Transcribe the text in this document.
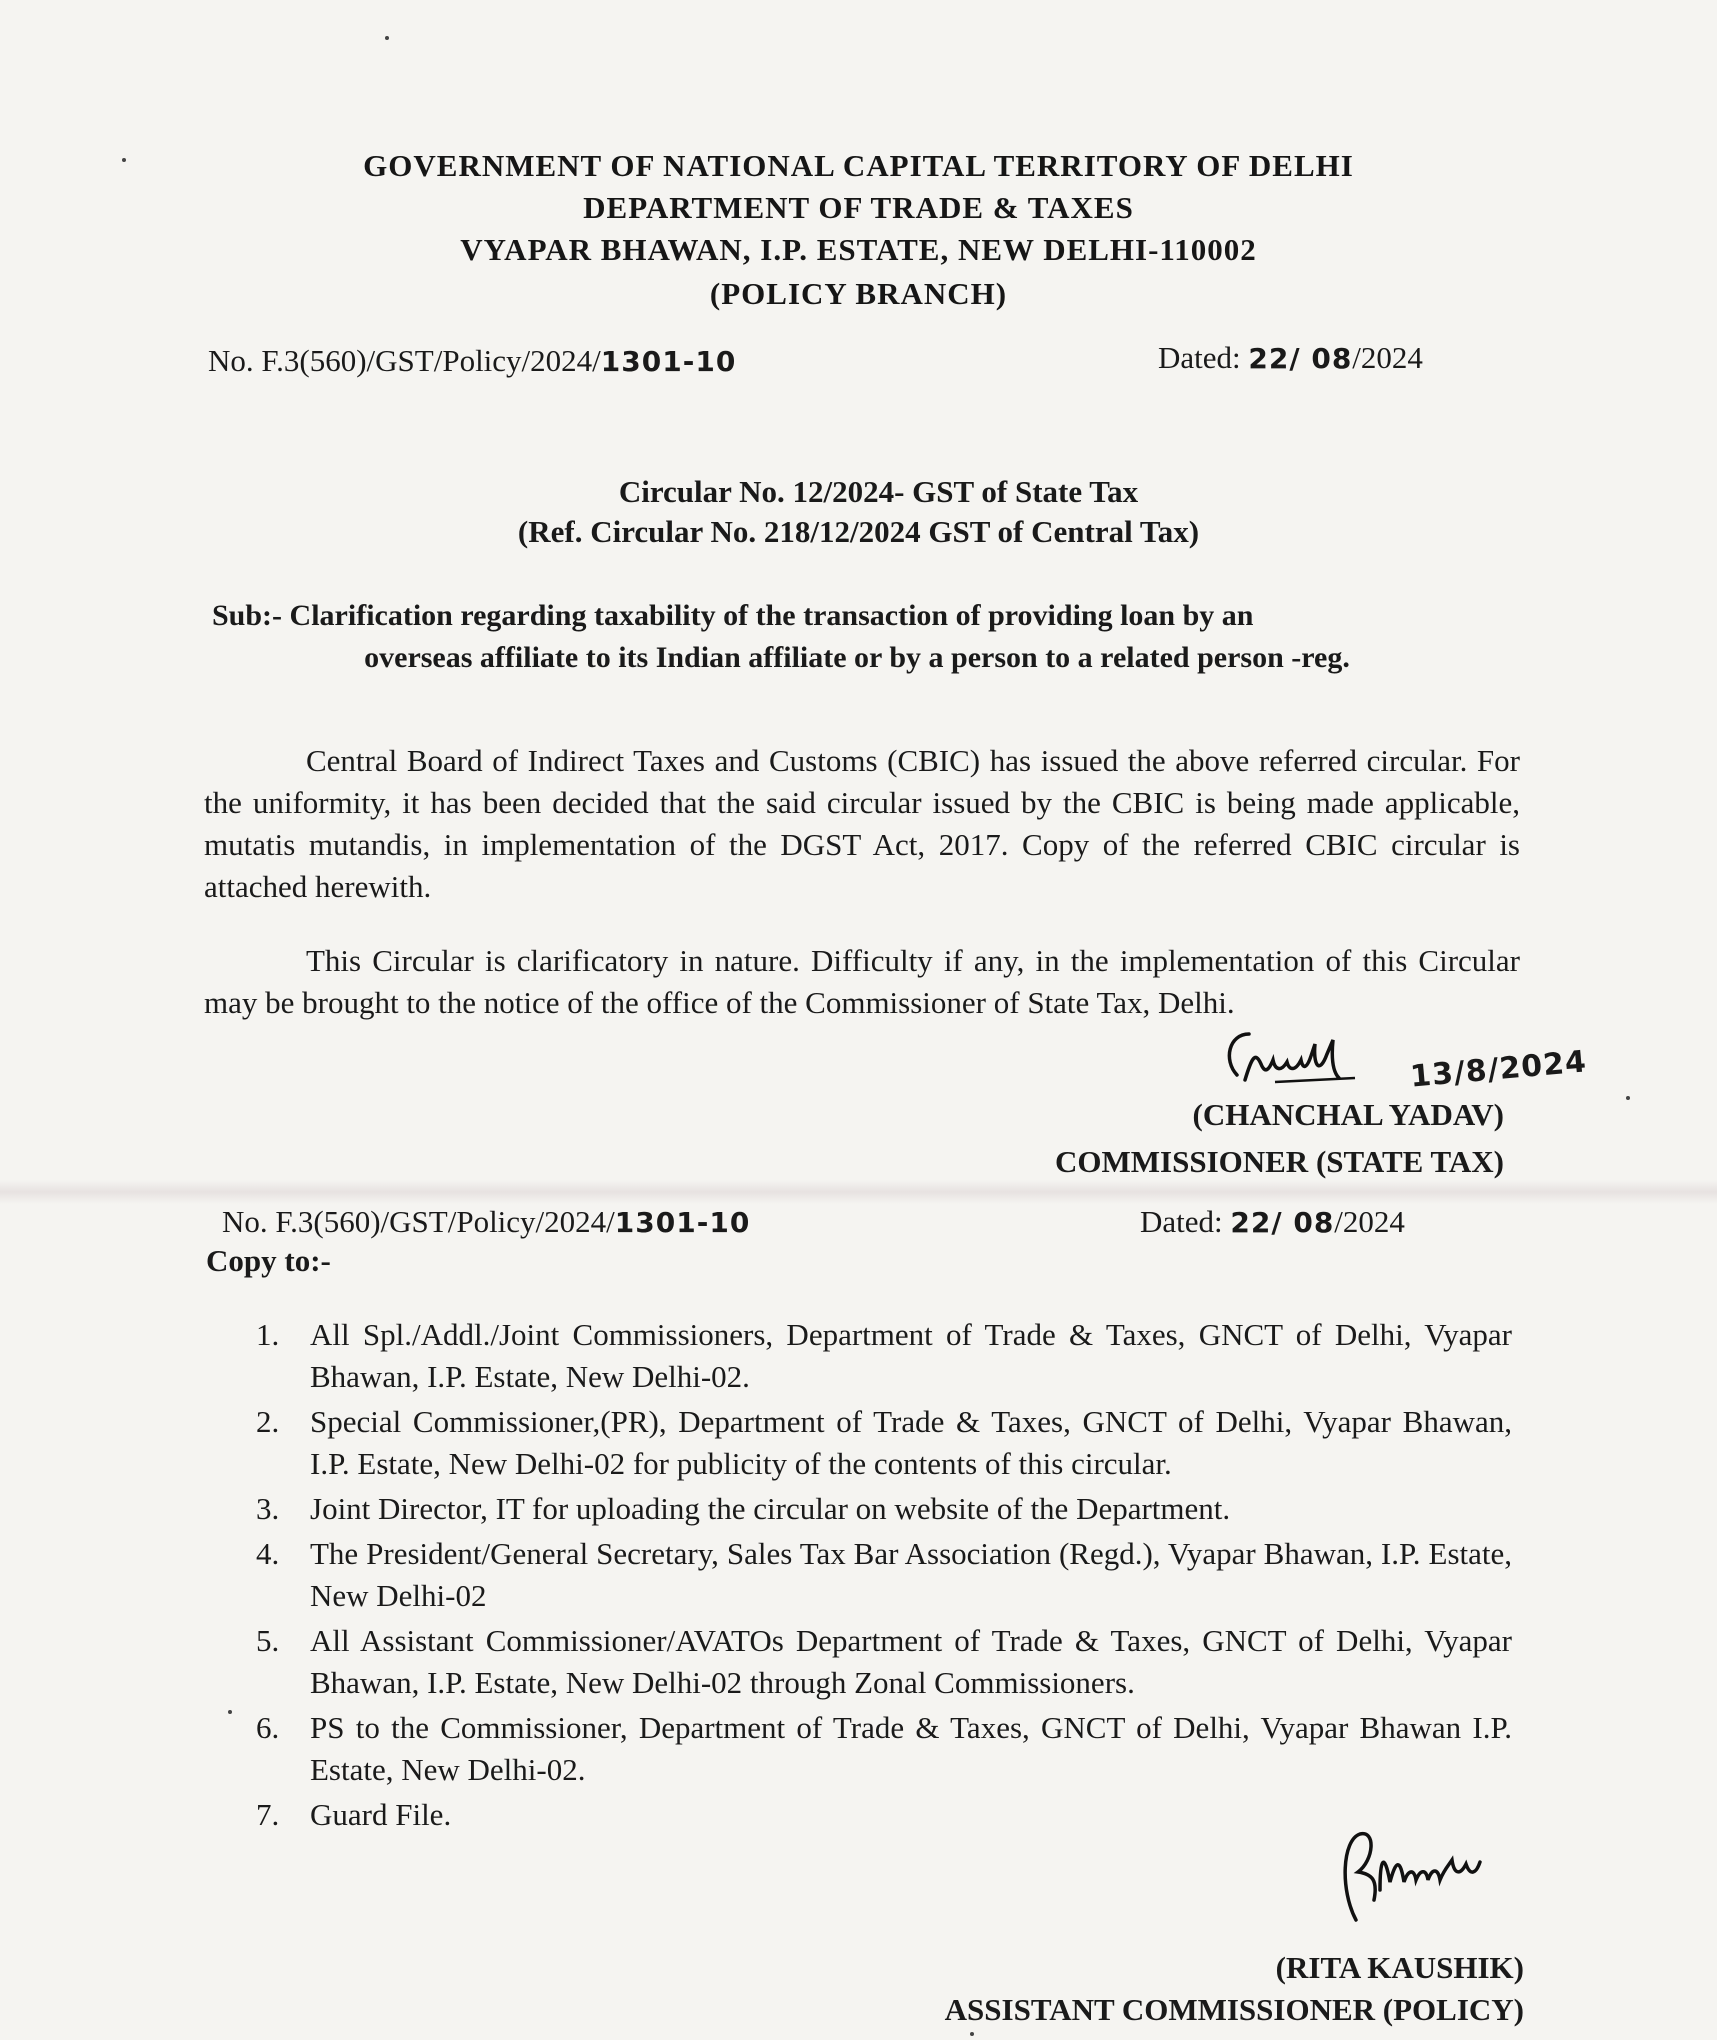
GOVERNMENT OF NATIONAL CAPITAL TERRITORY OF DELHI
DEPARTMENT OF TRADE & TAXES
VYAPAR BHAWAN, I.P. ESTATE, NEW DELHI-110002
(POLICY BRANCH)
No. F.3(560)/GST/Policy/2024/1301-10	Dated: 22/ 08/2024
Circular No. 12/2024- GST of State Tax
(Ref. Circular No. 218/12/2024 GST of Central Tax)
Sub:- Clarification regarding taxability of the transaction of providing loan by an
overseas affiliate to its Indian affiliate or by a person to a related person -reg.
Central Board of Indirect Taxes and Customs (CBIC) has issued the above referred circular. For the uniformity, it has been decided that the said circular issued by the CBIC is being made applicable, mutatis mutandis, in implementation of the DGST Act, 2017. Copy of the referred CBIC circular is attached herewith.
This Circular is clarificatory in nature. Difficulty if any, in the implementation of this Circular may be brought to the notice of the office of the Commissioner of State Tax, Delhi.
13/8/2024
(CHANCHAL YADAV)
COMMISSIONER (STATE TAX)
No. F.3(560)/GST/Policy/2024/1301-10	Dated: 22/ 08/2024
Copy to:-
1. All Spl./Addl./Joint Commissioners, Department of Trade & Taxes, GNCT of Delhi, Vyapar Bhawan, I.P. Estate, New Delhi-02.
2. Special Commissioner,(PR), Department of Trade & Taxes, GNCT of Delhi, Vyapar Bhawan, I.P. Estate, New Delhi-02 for publicity of the contents of this circular.
3. Joint Director, IT for uploading the circular on website of the Department.
4. The President/General Secretary, Sales Tax Bar Association (Regd.), Vyapar Bhawan, I.P. Estate, New Delhi-02
5. All Assistant Commissioner/AVATOs Department of Trade & Taxes, GNCT of Delhi, Vyapar Bhawan, I.P. Estate, New Delhi-02 through Zonal Commissioners.
6. PS to the Commissioner, Department of Trade & Taxes, GNCT of Delhi, Vyapar Bhawan I.P. Estate, New Delhi-02.
7. Guard File.
(RITA KAUSHIK)
ASSISTANT COMMISSIONER (POLICY)
